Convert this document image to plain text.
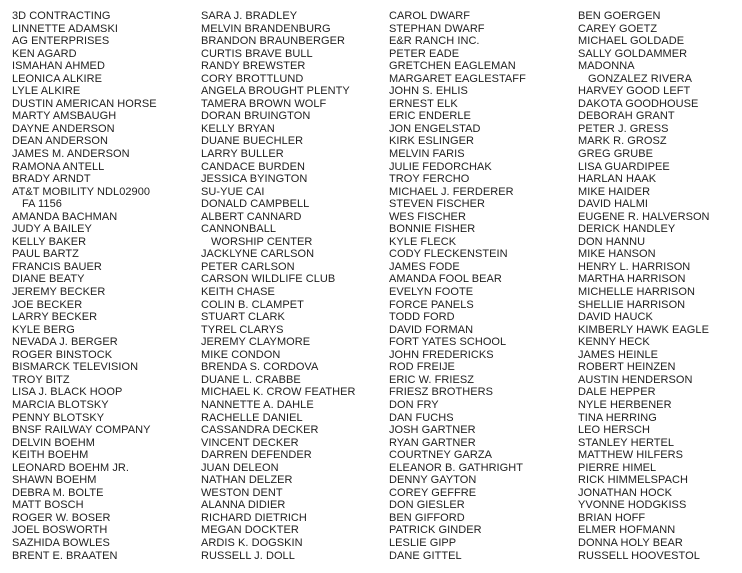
3D CONTRACTING
LINNETTE ADAMSKI
AG ENTERPRISES
KEN AGARD
ISMAHAN AHMED
LEONICA ALKIRE
LYLE ALKIRE
DUSTIN AMERICAN HORSE
MARTY AMSBAUGH
DAYNE ANDERSON
DEAN ANDERSON
JAMES M. ANDERSON
RAMONA ANTELL
BRADY ARNDT
AT&T MOBILITY NDL02900
FA 1156
AMANDA BACHMAN
JUDY A BAILEY
KELLY BAKER
PAUL BARTZ
FRANCIS BAUER
DIANE BEATY
JEREMY BECKER
JOE BECKER
LARRY BECKER
KYLE BERG
NEVADA J. BERGER
ROGER BINSTOCK
BISMARCK TELEVISION
TROY BITZ
LISA J. BLACK HOOP
MARCIA BLOTSKY
PENNY BLOTSKY
BNSF RAILWAY COMPANY
DELVIN BOEHM
KEITH BOEHM
LEONARD BOEHM JR.
SHAWN BOEHM
DEBRA M. BOLTE
MATT BOSCH
ROGER W. BOSER
JOEL BOSWORTH
SAZHIDA BOWLES
BRENT E. BRAATEN
SARA J. BRADLEY
MELVIN BRANDENBURG
BRANDON BRAUNBERGER
CURTIS BRAVE BULL
RANDY BREWSTER
CORY BROTTLUND
ANGELA BROUGHT PLENTY
TAMERA BROWN WOLF
DORAN BRUINGTON
KELLY BRYAN
DUANE BUECHLER
LARRY BULLER
CANDACE BURDEN
JESSICA BYINGTON
SU-YUE CAI
DONALD CAMPBELL
ALBERT CANNARD
CANNONBALL
WORSHIP CENTER
JACKLYNE CARLSON
PETER CARLSON
CARSON WILDLIFE CLUB
KEITH CHASE
COLIN B. CLAMPET
STUART CLARK
TYREL CLARYS
JEREMY CLAYMORE
MIKE CONDON
BRENDA S. CORDOVA
DUANE L. CRABBE
MICHAEL K. CROW FEATHER
NANNETTE A. DAHLE
RACHELLE DANIEL
CASSANDRA DECKER
VINCENT DECKER
DARREN DEFENDER
JUAN DELEON
NATHAN DELZER
WESTON DENT
ALANNA DIDIER
RICHARD DIETRICH
MEGAN DOCKTER
ARDIS K. DOGSKIN
RUSSELL J. DOLL
CAROL DWARF
STEPHAN DWARF
E&R RANCH INC.
PETER EADE
GRETCHEN EAGLEMAN
MARGARET EAGLESTAFF
JOHN S. EHLIS
ERNEST ELK
ERIC ENDERLE
JON ENGELSTAD
KIRK ESLINGER
MELVIN FARIS
JULIE FEDORCHAK
TROY FERCHO
MICHAEL J. FERDERER
STEVEN FISCHER
WES FISCHER
BONNIE FISHER
KYLE FLECK
CODY FLECKENSTEIN
JAMES FODE
AMANDA FOOL BEAR
EVELYN FOOTE
FORCE PANELS
TODD FORD
DAVID FORMAN
FORT YATES SCHOOL
JOHN FREDERICKS
ROD FREIJE
ERIC W. FRIESZ
FRIESZ BROTHERS
DON FRY
DAN FUCHS
JOSH GARTNER
RYAN GARTNER
COURTNEY GARZA
ELEANOR B. GATHRIGHT
DENNY GAYTON
COREY GEFFRE
DON GIESLER
BEN GIFFORD
PATRICK GINDER
LESLIE GIPP
DANE GITTEL
BEN GOERGEN
CAREY GOETZ
MICHAEL GOLDADE
SALLY GOLDAMMER
MADONNA
GONZALEZ RIVERA
HARVEY GOOD LEFT
DAKOTA GOODHOUSE
DEBORAH GRANT
PETER J. GRESS
MARK R. GROSZ
GREG GRUBE
LISA GUARDIPEE
HARLAN HAAK
MIKE HAIDER
DAVID HALMI
EUGENE R. HALVERSON
DERICK HANDLEY
DON HANNU
MIKE HANSON
HENRY L. HARRISON
MARTHA HARRISON
MICHELLE HARRISON
SHELLIE HARRISON
DAVID HAUCK
KIMBERLY HAWK EAGLE
KENNY HECK
JAMES HEINLE
ROBERT HEINZEN
AUSTIN HENDERSON
DALE HEPPER
NYLE HERBENER
TINA HERRING
LEO HERSCH
STANLEY HERTEL
MATTHEW HILFERS
PIERRE HIMEL
RICK HIMMELSPACH
JONATHAN HOCK
YVONNE HODGKISS
BRIAN HOFF
ELMER HOFMANN
DONNA HOLY BEAR
RUSSELL HOOVESTOL
